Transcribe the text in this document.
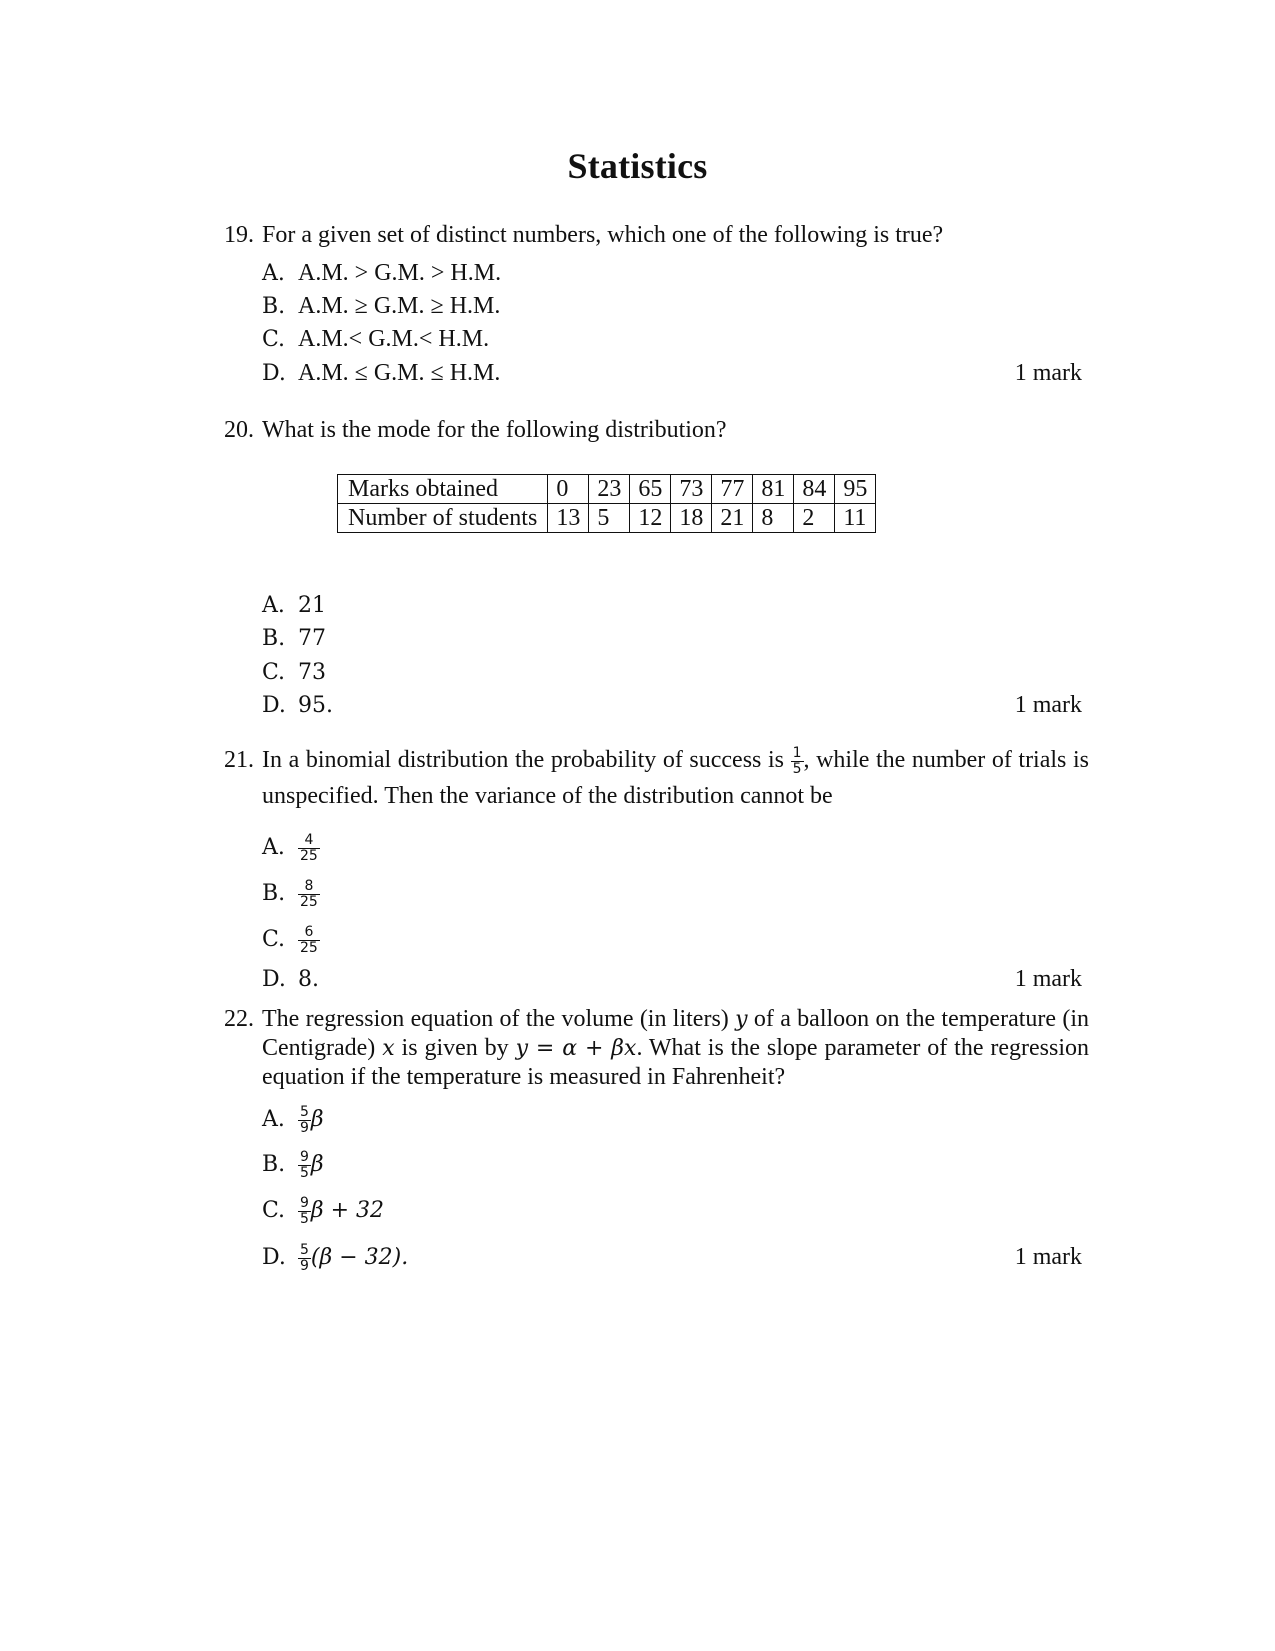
Statistics
19. For a given set of distinct numbers, which one of the following is true?
A. A.M. > G.M. > H.M.
B. A.M. ≥ G.M. ≥ H.M.
C. A.M.< G.M.< H.M.
D. A.M. ≤ G.M. ≤ H.M.	1 mark
20. What is the mode for the following distribution?
Marks obtained	0	23	65	73	77	81	84	95
Number of students	13	5	12	18	21	8	2	11
A. 21
B. 77
C. 73
D. 95.	1 mark
21. In a binomial distribution the probability of success is $\frac{1}{5}$ , while the number of trials is unspecified. Then the variance of the distribution cannot be
A. $\frac{4}{25}$
B. $\frac{8}{25}$
C. $\frac{6}{25}$
D. 8.	1 mark
22. The regression equation of the volume (in liters) y of a balloon on the temperature (in Centigrade) x is given by y = α + βx. What is the slope parameter of the regression equation if the temperature is measured in Fahrenheit?
A. $\frac{5}{9}$ β
B. $\frac{9}{5}$ β
C. $\frac{9}{5}$ β + 32
D. $\frac{5}{9} (\beta - 32)$.	1 mark
